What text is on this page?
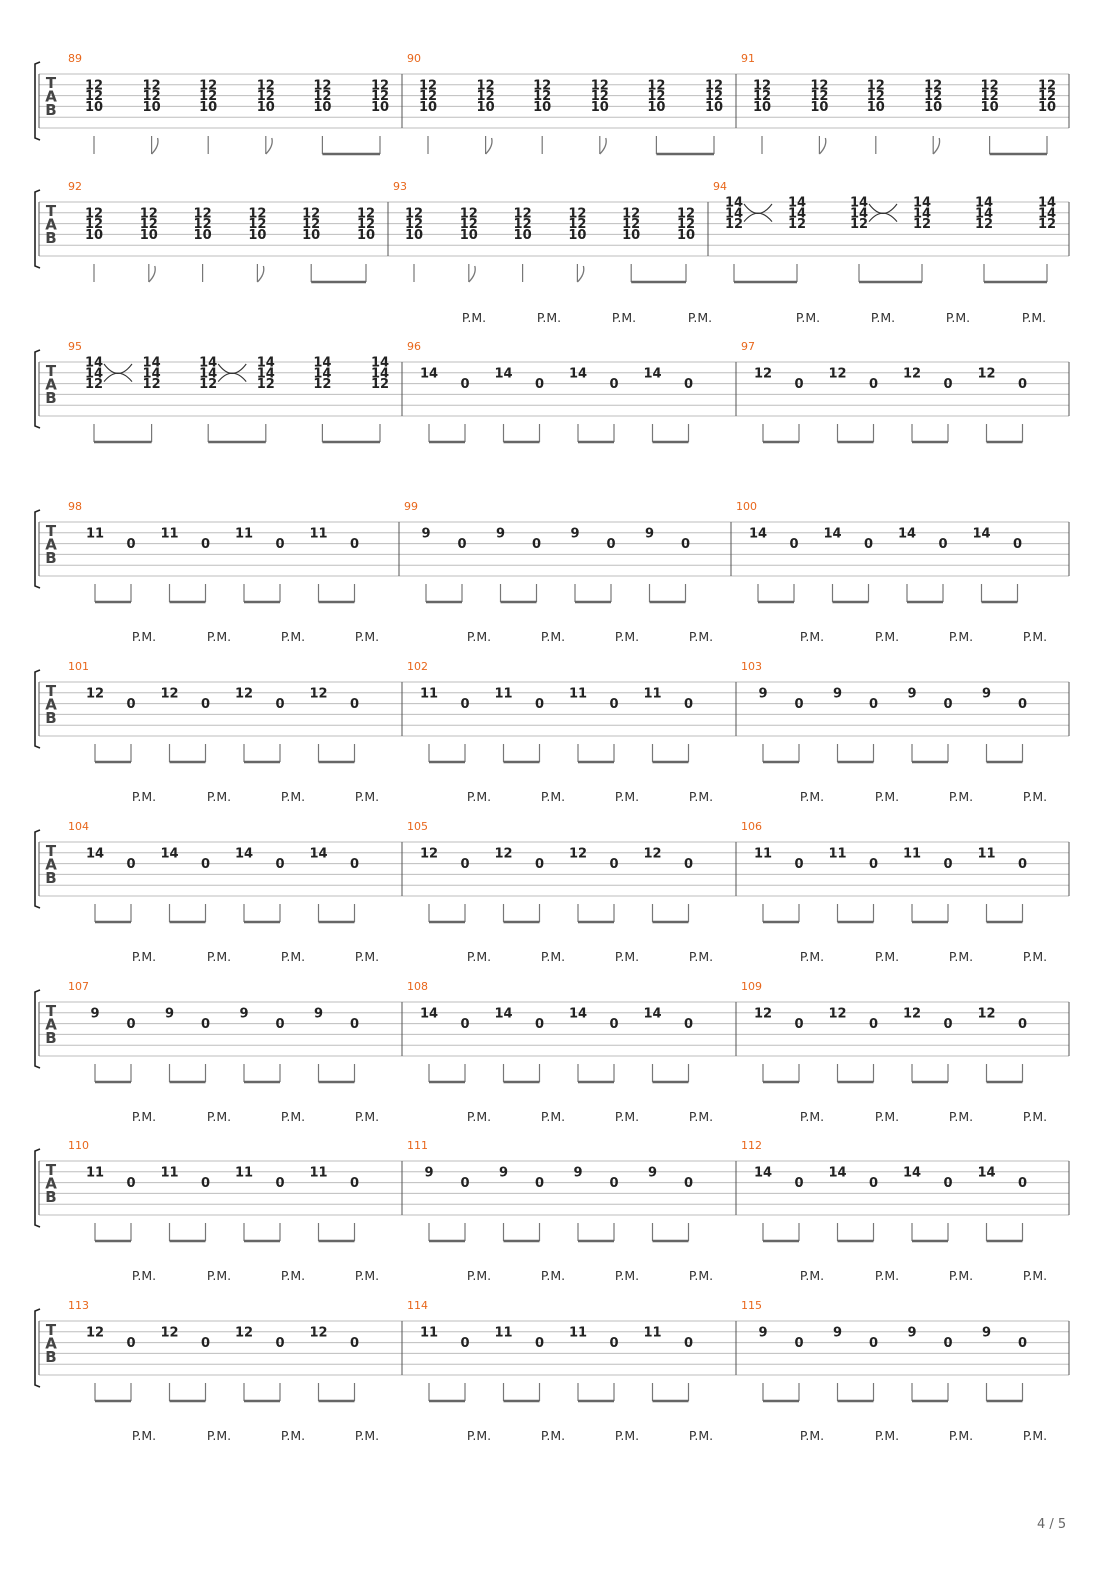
T
A
B
89
12
12
10
12
12
10
12
12
10
12
12
10
12
12
10
12
12
10
90
12
12
10
12
12
10
12
12
10
12
12
10
12
12
10
12
12
10
91
12
12
10
12
12
10
12
12
10
12
12
10
12
12
10
12
12
10
T
A
B
92
12
12
10
12
12
10
12
12
10
12
12
10
12
12
10
12
12
10
93
12
12
10
12
12
10
12
12
10
12
12
10
12
12
10
12
12
10
94
14
14
12
14
14
12
14
14
12
14
14
12
14
14
12
14
14
12
T
A
B
95
14
14
12
14
14
12
14
14
12
14
14
12
14
14
12
14
14
12
96
14
0
14
0
14
0
14
0
97
12
0
12
0
12
0
12
0
P.M.	P.M.	P.M.	P.M.	P.M.	P.M.	P.M.	P.M.
T
A
B
98
11
0
11
0
11
0
11
0
99
9
0
9
0
9
0
9
0
100
14
0
14
0
14
0
14
0
P.M.	P.M.	P.M.	P.M.	P.M.	P.M.	P.M.	P.M.	P.M.	P.M.	P.M.	P.M.
T
A
B
101
12
0
12
0
12
0
12
0
102
11
0
11
0
11
0
11
0
103
9
0
9
0
9
0
9
0
P.M.	P.M.	P.M.	P.M.	P.M.	P.M.	P.M.	P.M.	P.M.	P.M.	P.M.	P.M.
T
A
B
104
14
0
14
0
14
0
14
0
105
12
0
12
0
12
0
12
0
106
11
0
11
0
11
0
11
0
P.M.	P.M.	P.M.	P.M.	P.M.	P.M.	P.M.	P.M.	P.M.	P.M.	P.M.	P.M.
T
A
B
107
9
0
9
0
9
0
9
0
108
14
0
14
0
14
0
14
0
109
12
0
12
0
12
0
12
0
P.M.	P.M.	P.M.	P.M.	P.M.	P.M.	P.M.	P.M.	P.M.	P.M.	P.M.	P.M.
T
A
B
110
11
0
11
0
11
0
11
0
111
9
0
9
0
9
0
9
0
112
14
0
14
0
14
0
14
0
P.M.	P.M.	P.M.	P.M.	P.M.	P.M.	P.M.	P.M.	P.M.	P.M.	P.M.	P.M.
T
A
B
113
12
0
12
0
12
0
12
0
114
11
0
11
0
11
0
11
0
115
9
0
9
0
9
0
9
0
P.M.	P.M.	P.M.	P.M.	P.M.	P.M.	P.M.	P.M.	P.M.	P.M.	P.M.	P.M.
4 / 5
